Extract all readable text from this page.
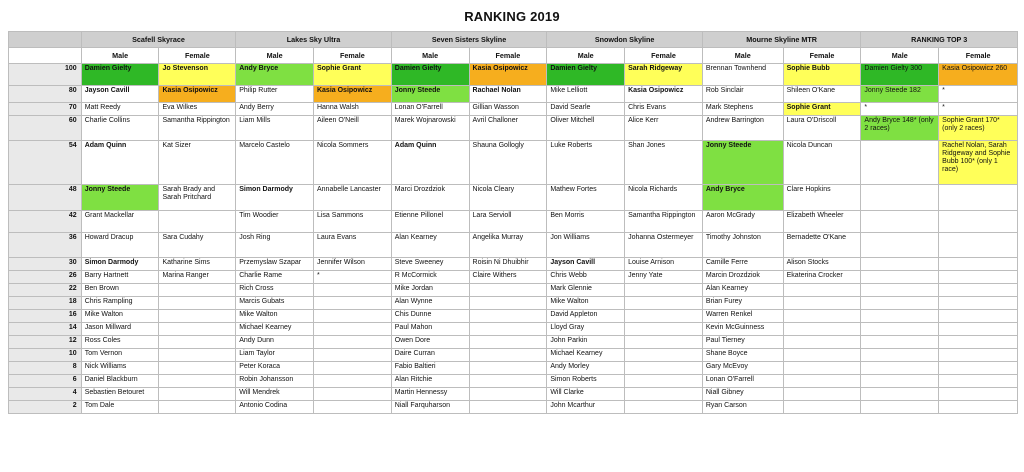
RANKING 2019
	Scafell Skyrace		Lakes Sky Ultra		Seven Sisters Skyline		Snowdon Skyline		Mourne Skyline MTR		RANKING TOP 3	
	Male	Female	Male	Female	Male	Female	Male	Female	Male	Female	Male	Female
100	Damien Gielty	Jo Stevenson	Andy Bryce	Sophie Grant	Damien Gielty	Kasia Osipowicz	Damien Gielty	Sarah Ridgeway	Brennan Townhend	Sophie Bubb	Damien Gielty 300	Kasia Osipowicz 260
80	Jayson Cavill	Kasia Osipowicz	Philip Rutter	Kasia Osipowicz	Jonny Steede	Rachael Nolan	Mike Lelliott	Kasia Osipowicz	Rob Sinclair	Shileen O'Kane	Jonny Steede 182	*
70	Matt Reedy	Eva Wilkes	Andy Berry	Hanna Walsh	Lonan O'Farrell	Gillian Wasson	David Searle	Chris Evans	Mark Stephens	Sophie Grant	*	*
60	Charlie Collins	Samantha Rippington	Liam Mills	Aileen O'Neill	Marek Wojnarowski	Avril Challoner	Oliver Mitchell	Alice Kerr	Andrew Barrington	Laura O'Driscoll	Andy Bryce 148* (only 2 races)	Sophie Grant 170* (only 2 races)
54	Adam Quinn	Kat Sizer	Marcelo Castelo	Nicola Sommers	Adam Quinn	Shauna Gollogly	Luke Roberts	Shan Jones	Jonny Steede	Nicola Duncan		Rachel Nolan, Sarah Ridgeway and Sophie Bubb 100* (only 1 race)
48	Jonny Steede	Sarah Brady and Sarah Pritchard	Simon Darmody	Annabelle Lancaster	Marci Drozdziok	Nicola Cleary	Mathew Fortes	Nicola Richards	Andy Bryce	Clare Hopkins		
42	Grant Mackellar		Tim Woodier	Lisa Sammons	Etienne Pillonel	Lara Servioll	Ben Morris	Samantha Rippington	Aaron McGrady	Elizabeth Wheeler		
36	Howard Dracup	Sara Cudahy	Josh Ring	Laura Evans	Alan Kearney	Angelika Murray	Jon Williams	Johanna Ostermeyer	Timothy Johnston	Bernadette O'Kane		
30	Simon Darmody	Katharine Sims	Przemyslaw Szapar	Jennifer Wilson	Steve Sweeney	Roisin Ni Dhuibhir	Jayson Cavill	Louise Arnison	Camille Ferre	Alison Stocks		
26	Barry Hartnett	Marina Ranger	Charlie Rame	*	R McCormick	Claire Withers	Chris Webb	Jenny Yate	Marcin Drozdziok	Ekaterina Crocker		
22	Ben Brown		Rich Cross		Mike Jordan		Mark Glennie		Alan Kearney			
18	Chris Rampling		Marcis Gubats		Alan Wynne		Mike Walton		Brian Furey			
16	Mike Walton		Mike Walton		Chis Dunne		David Appleton		Warren Renkel			
14	Jason Millward		Michael Kearney		Paul Mahon		Lloyd Gray		Kevin McGuinness			
12	Ross Coles		Andy Dunn		Owen Dore		John Parkin		Paul Tierney			
10	Tom Vernon		Liam Taylor		Daire Curran		Michael Kearney		Shane Boyce			
8	Nick Williams		Peter Koraca		Fabio Baltieri		Andy Morley		Gary McEvoy			
6	Daniel Blackburn		Robin Johansson		Alan Ritchie		Simon Roberts		Lonan O'Farrell			
4	Sebastien Betouret		Will Mendrek		Martin Hennessy		Will Clarke		Niall Gibney			
2	Tom Dale		Antonio Codina		Niall Farquharson		John Mcarthur		Ryan Carson			
